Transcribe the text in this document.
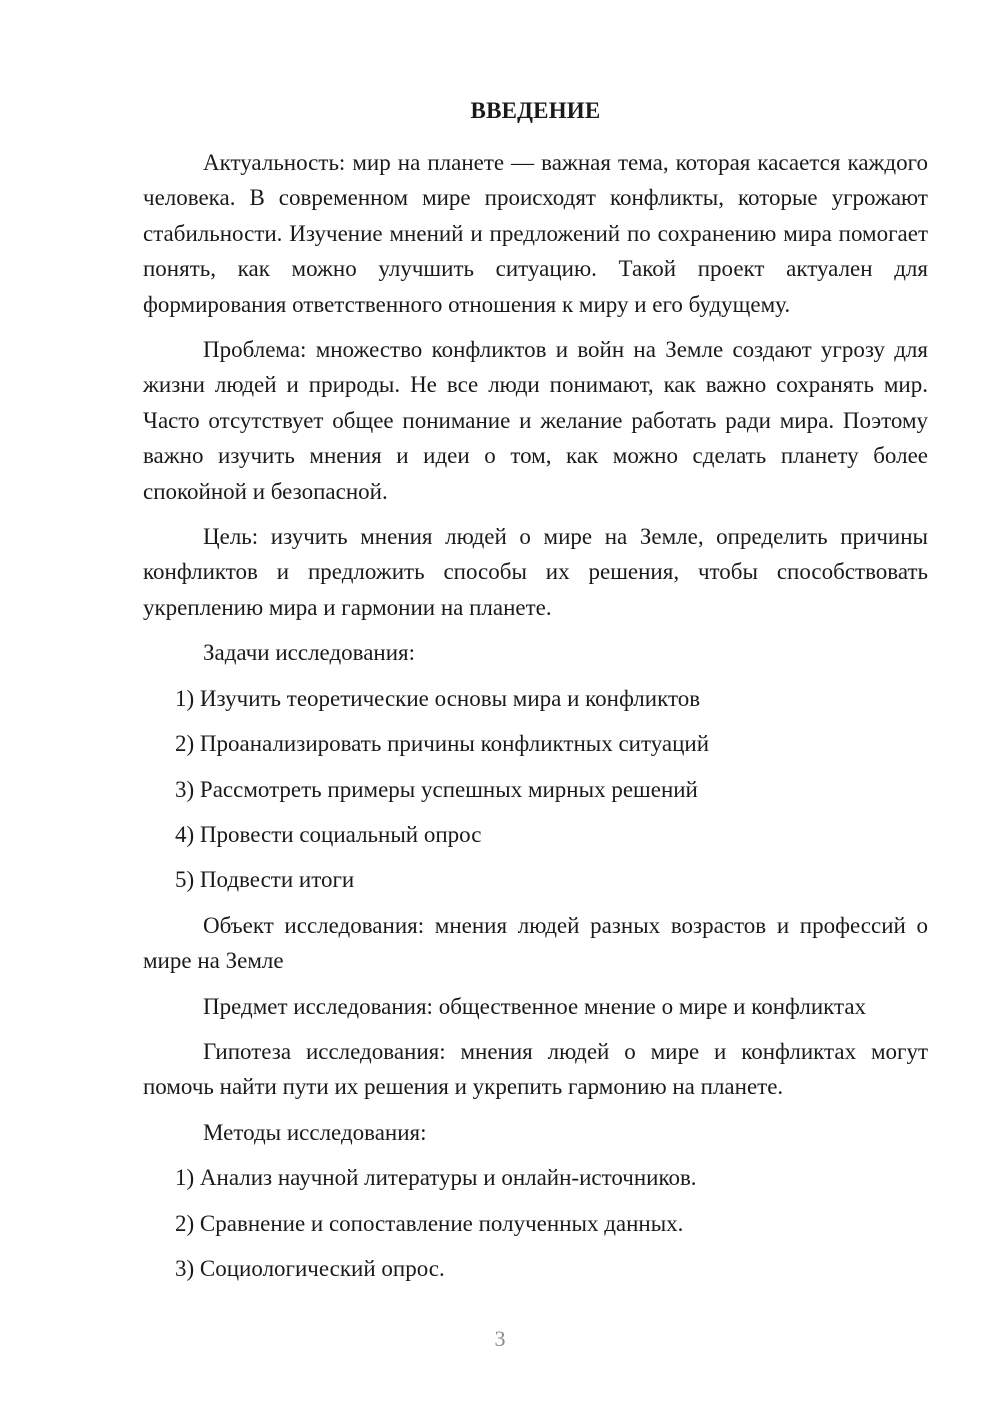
ВВЕДЕНИЕ

Актуальность: мир на планете — важная тема, которая касается каждого человека. В современном мире происходят конфликты, которые угрожают стабильности. Изучение мнений и предложений по сохранению мира помогает понять, как можно улучшить ситуацию. Такой проект актуален для формирования ответственного отношения к миру и его будущему.

Проблема: множество конфликтов и войн на Земле создают угрозу для жизни людей и природы. Не все люди понимают, как важно сохранять мир. Часто отсутствует общее понимание и желание работать ради мира. Поэтому важно изучить мнения и идеи о том, как можно сделать планету более спокойной и безопасной.

Цель: изучить мнения людей о мире на Земле, определить причины конфликтов и предложить способы их решения, чтобы способствовать укреплению мира и гармонии на планете.

Задачи исследования:
1) Изучить теоретические основы мира и конфликтов
2) Проанализировать причины конфликтных ситуаций
3) Рассмотреть примеры успешных мирных решений
4) Провести социальный опрос
5) Подвести итоги

Объект исследования: мнения людей разных возрастов и профессий о мире на Земле

Предмет исследования: общественное мнение о мире и конфликтах

Гипотеза исследования: мнения людей о мире и конфликтах могут помочь найти пути их решения и укрепить гармонию на планете.

Методы исследования:
1) Анализ научной литературы и онлайн-источников.
2) Сравнение и сопоставление полученных данных.
3) Социологический опрос.
3
